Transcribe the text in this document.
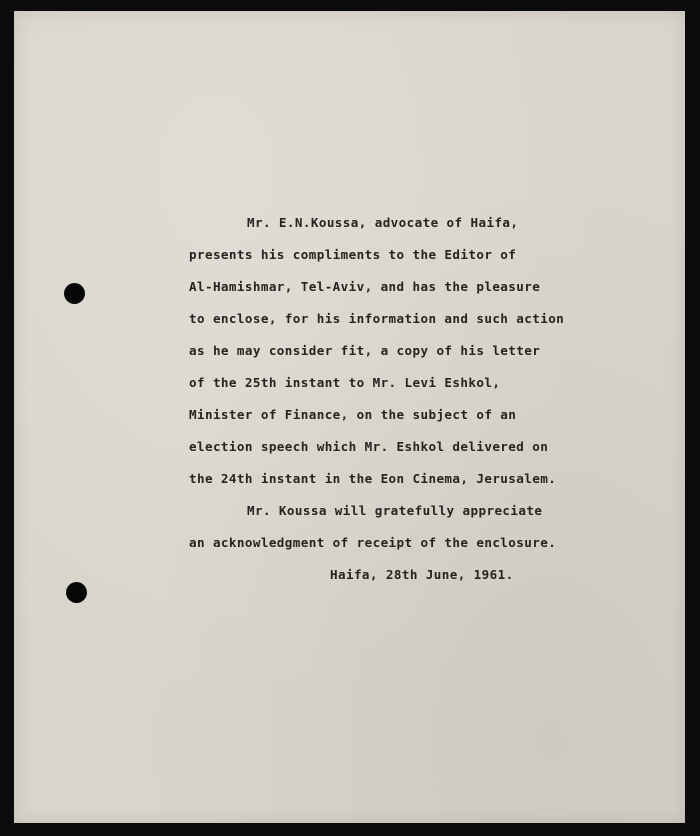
Mr. E.N.Koussa, advocate of Haifa,
presents his compliments to the Editor of
Al-Hamishmar, Tel-Aviv, and has the pleasure
to enclose, for his information and such action
as he may consider fit, a copy of his letter
of the 25th instant to Mr. Levi Eshkol,
Minister of Finance, on the subject of an
election speech which Mr. Eshkol delivered on
the 24th instant in the Eon Cinema, Jerusalem.
Mr. Koussa will gratefully appreciate
an acknowledgment of receipt of the enclosure.
Haifa, 28th June, 1961.
